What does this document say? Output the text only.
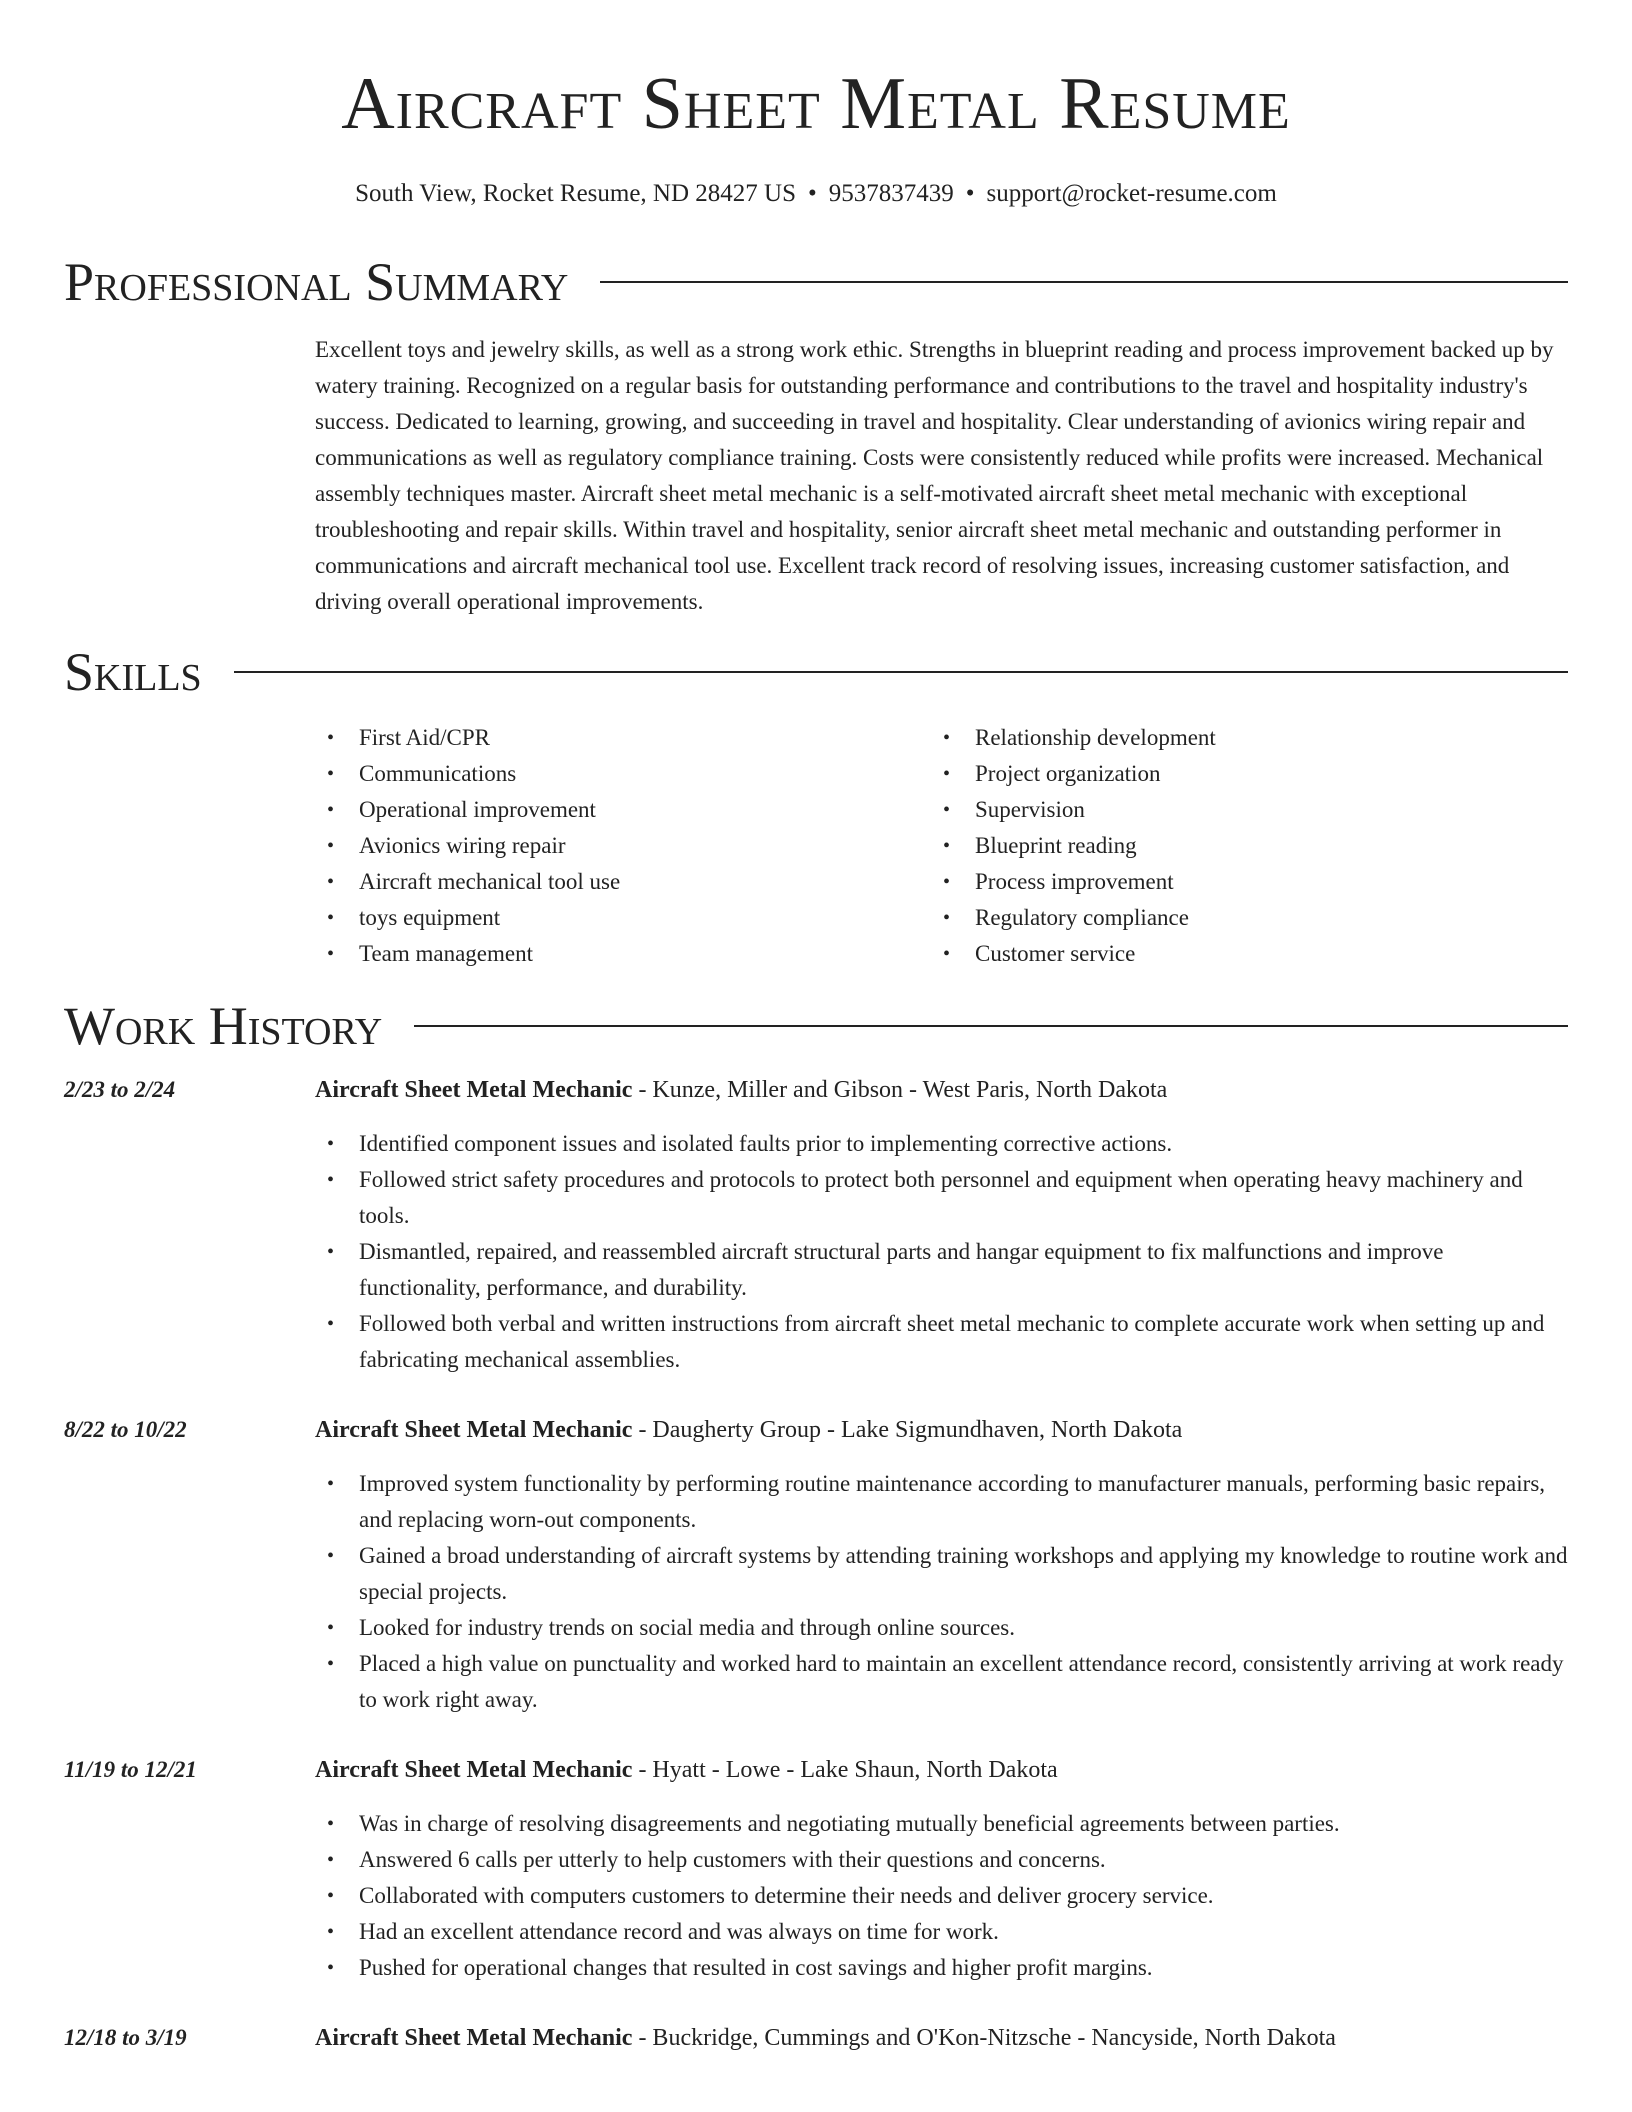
Aircraft Sheet Metal Resume
South View, Rocket Resume, ND 28427 US • 9537837439 • support@rocket-resume.com
Professional Summary
Excellent toys and jewelry skills, as well as a strong work ethic. Strengths in blueprint reading and process improvement backed up by watery training. Recognized on a regular basis for outstanding performance and contributions to the travel and hospitality industry's success. Dedicated to learning, growing, and succeeding in travel and hospitality. Clear understanding of avionics wiring repair and communications as well as regulatory compliance training. Costs were consistently reduced while profits were increased. Mechanical assembly techniques master. Aircraft sheet metal mechanic is a self-motivated aircraft sheet metal mechanic with exceptional troubleshooting and repair skills. Within travel and hospitality, senior aircraft sheet metal mechanic and outstanding performer in communications and aircraft mechanical tool use. Excellent track record of resolving issues, increasing customer satisfaction, and driving overall operational improvements.
Skills
• First Aid/CPR
• Communications
• Operational improvement
• Avionics wiring repair
• Aircraft mechanical tool use
• toys equipment
• Team management
• Relationship development
• Project organization
• Supervision
• Blueprint reading
• Process improvement
• Regulatory compliance
• Customer service
Work History
2/23 to 2/24	Aircraft Sheet Metal Mechanic - Kunze, Miller and Gibson - West Paris, North Dakota
• Identified component issues and isolated faults prior to implementing corrective actions.
• Followed strict safety procedures and protocols to protect both personnel and equipment when operating heavy machinery and tools.
• Dismantled, repaired, and reassembled aircraft structural parts and hangar equipment to fix malfunctions and improve functionality, performance, and durability.
• Followed both verbal and written instructions from aircraft sheet metal mechanic to complete accurate work when setting up and fabricating mechanical assemblies.
8/22 to 10/22	Aircraft Sheet Metal Mechanic - Daugherty Group - Lake Sigmundhaven, North Dakota
• Improved system functionality by performing routine maintenance according to manufacturer manuals, performing basic repairs, and replacing worn-out components.
• Gained a broad understanding of aircraft systems by attending training workshops and applying my knowledge to routine work and special projects.
• Looked for industry trends on social media and through online sources.
• Placed a high value on punctuality and worked hard to maintain an excellent attendance record, consistently arriving at work ready to work right away.
11/19 to 12/21	Aircraft Sheet Metal Mechanic - Hyatt - Lowe - Lake Shaun, North Dakota
• Was in charge of resolving disagreements and negotiating mutually beneficial agreements between parties.
• Answered 6 calls per utterly to help customers with their questions and concerns.
• Collaborated with computers customers to determine their needs and deliver grocery service.
• Had an excellent attendance record and was always on time for work.
• Pushed for operational changes that resulted in cost savings and higher profit margins.
12/18 to 3/19	Aircraft Sheet Metal Mechanic - Buckridge, Cummings and O'Kon-Nitzsche - Nancyside, North Dakota
